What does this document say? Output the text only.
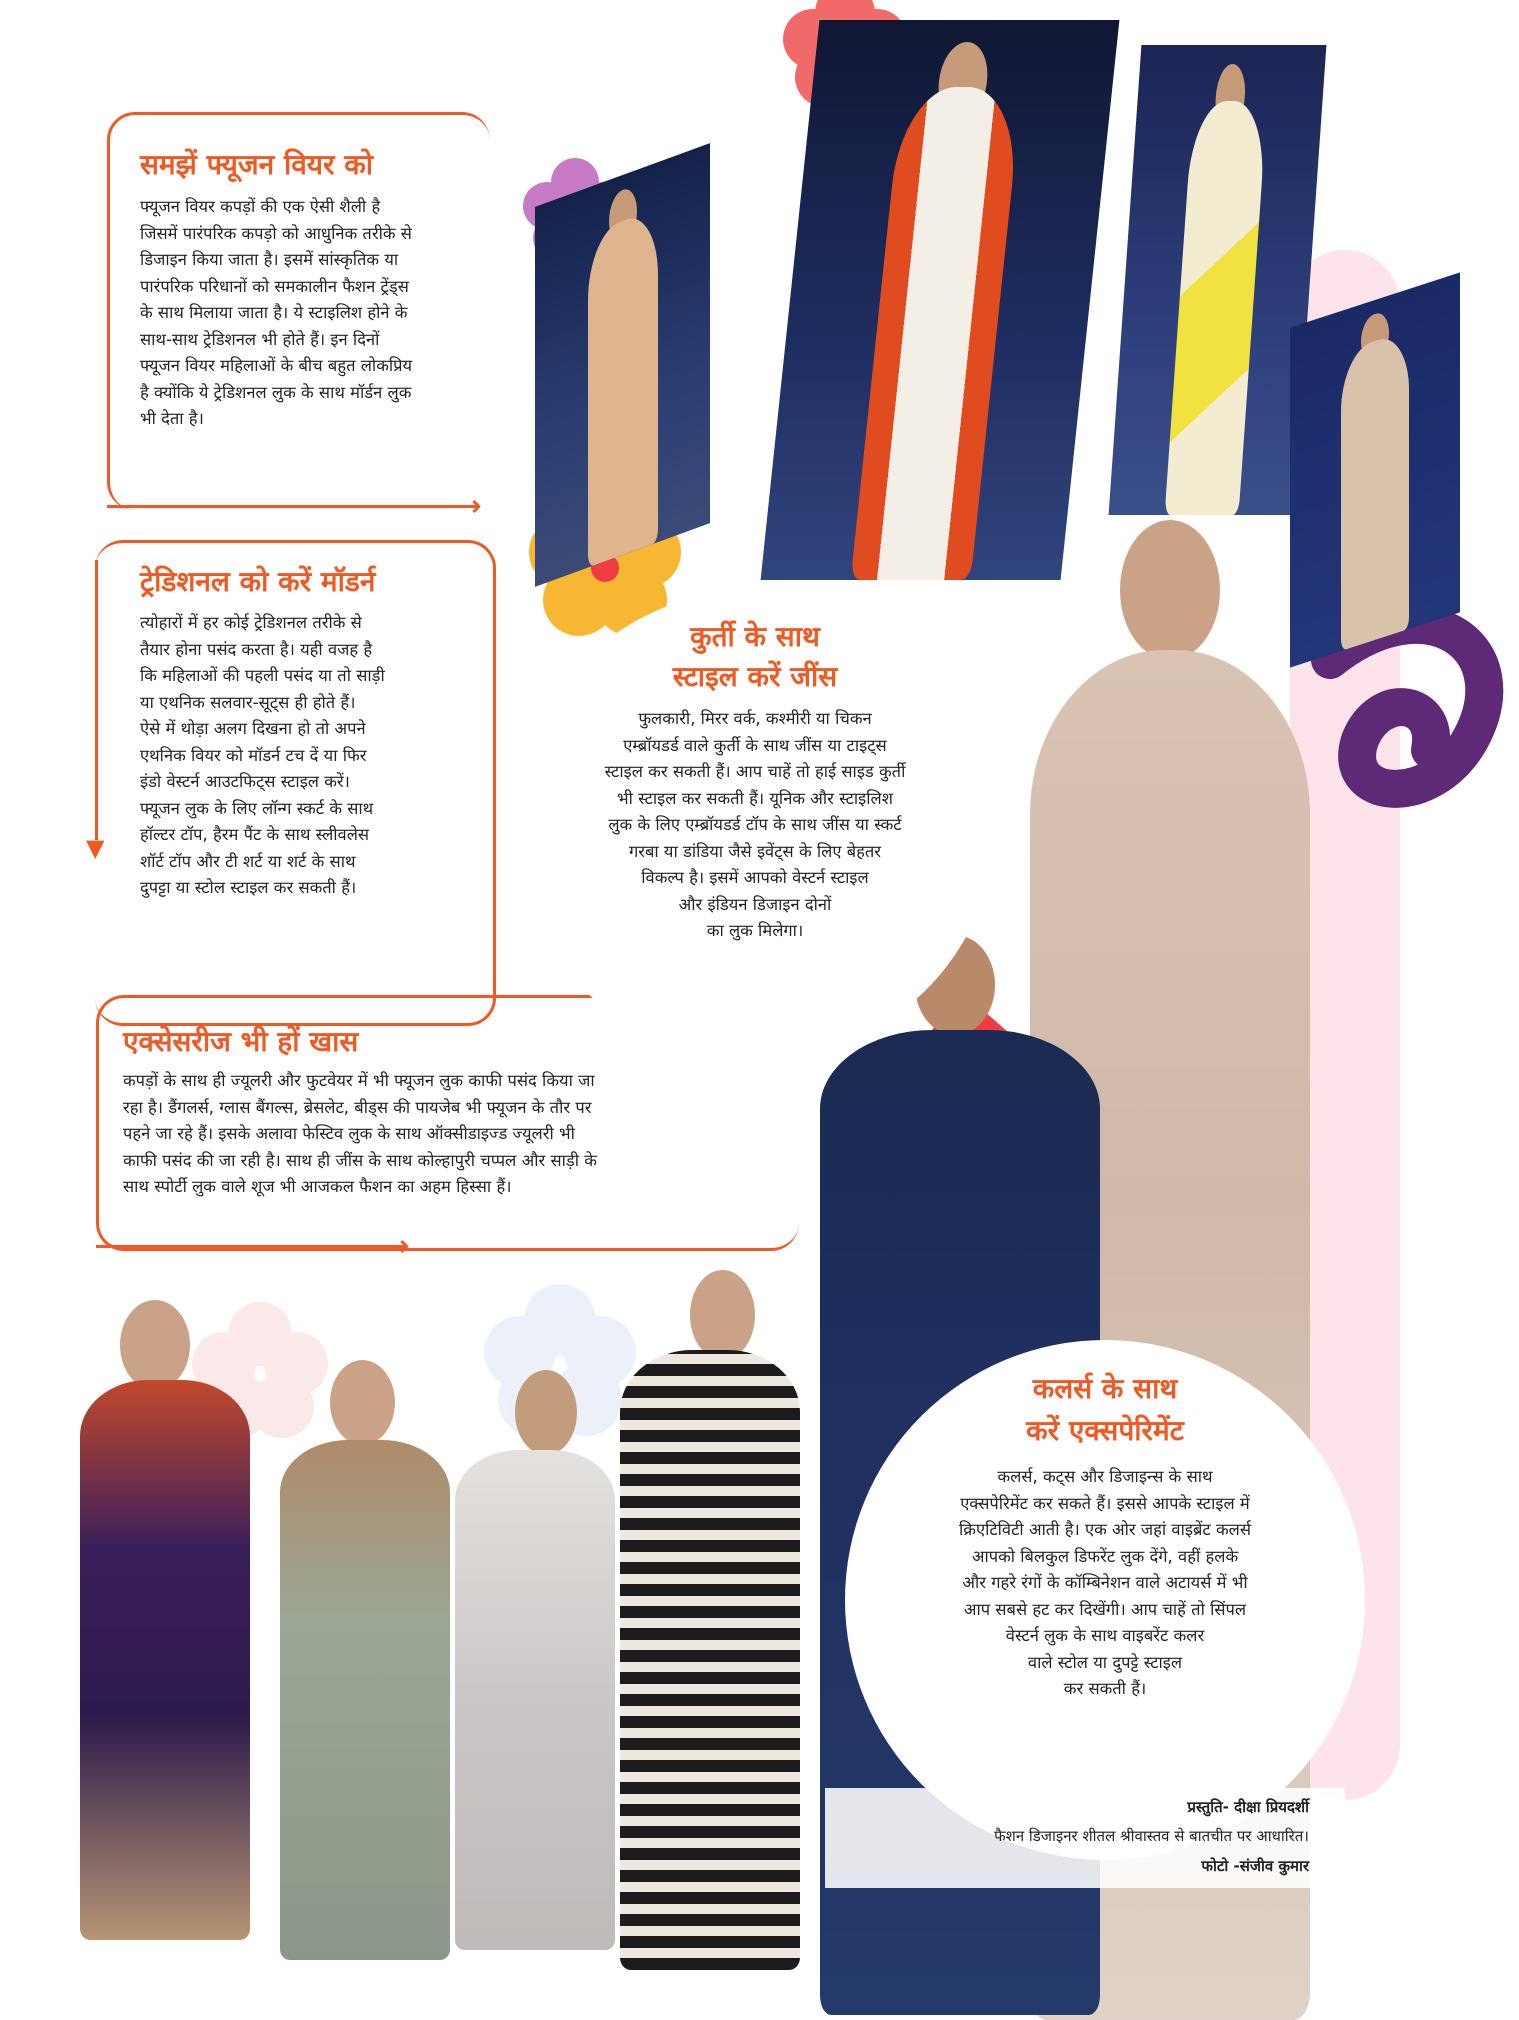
समझें फ्यूजन वियर को
फ्यूजन वियर कपड़ों की एक ऐसी शैली है
जिसमें पारंपरिक कपड़ो को आधुनिक तरीके से
डिजाइन किया जाता है। इसमें सांस्कृतिक या
पारंपरिक परिधानों को समकालीन फैशन ट्रेंड्स
के साथ मिलाया जाता है। ये स्टाइलिश होने के
साथ-साथ ट्रेडिशनल भी होते हैं। इन दिनों
फ्यूजन वियर महिलाओं के बीच बहुत लोकप्रिय
है क्योंकि ये ट्रेडिशनल लुक के साथ मॉर्डन लुक
भी देता है।
➜
▼
ट्रेडिशनल को करें मॉडर्न
त्योहारों में हर कोई ट्रेडिशनल तरीके से
तैयार होना पसंद करता है। यही वजह है
कि महिलाओं की पहली पसंद या तो साड़ी
या एथनिक सलवार-सूट्स ही होते हैं।
ऐसे में थोड़ा अलग दिखना हो तो अपने
एथनिक वियर को मॉडर्न टच दें या फिर
इंडो वेस्टर्न आउटफिट्स स्टाइल करें।
फ्यूजन लुक के लिए लॉन्ग स्कर्ट के साथ
हॉल्टर टॉप, हैरम पैंट के साथ स्लीवलेस
शॉर्ट टॉप और टी शर्ट या शर्ट के साथ
दुपट्टा या स्टोल स्टाइल कर सकती हैं।
➜
एक्सेसरीज भी हों खास
कपड़ों के साथ ही ज्यूलरी और फुटवेयर में भी फ्यूजन लुक काफी पसंद किया जा
रहा है। डैंगलर्स, ग्लास बैंगल्स, ब्रेसलेट, बीड्स की पायजेब भी फ्यूजन के तौर पर
पहने जा रहे हैं। इसके अलावा फेस्टिव लुक के साथ ऑक्सीडाइज्ड ज्यूलरी भी
काफी पसंद की जा रही है। साथ ही जींस के साथ कोल्हापुरी चप्पल और साड़ी के
साथ स्पोर्टी लुक वाले शूज भी आजकल फैशन का अहम हिस्सा हैं।
कुर्ती के साथ
स्टाइल करें जींस
फुलकारी, मिरर वर्क, कश्मीरी या चिकन
एम्ब्रॉयडर्ड वाले कुर्ती के साथ जींस या टाइट्स
स्टाइल कर सकती हैं। आप चाहें तो हाई साइड कुर्ती
भी स्टाइल कर सकती हैं। यूनिक और स्टाइलिश
लुक के लिए एम्ब्रॉयडर्ड टॉप के साथ जींस या स्कर्ट
गरबा या डांडिया जैसे इवेंट्स के लिए बेहतर
विकल्प है। इसमें आपको वेस्टर्न स्टाइल
और इंडियन डिजाइन दोनों
का लुक मिलेगा।
कलर्स के साथ
करें एक्सपेरिमेंट
कलर्स, कट्स और डिजाइन्स के साथ
एक्सपेरिमेंट कर सकते हैं। इससे आपके स्टाइल में
क्रिएटिविटी आती है। एक ओर जहां वाइब्रेंट कलर्स
आपको बिलकुल डिफरेंट लुक देंगे, वहीं हलके
और गहरे रंगों के कॉम्बिनेशन वाले अटायर्स में भी
आप सबसे हट कर दिखेंगी। आप चाहें तो सिंपल
वेस्टर्न लुक के साथ वाइबरेंट कलर
वाले स्टोल या दुपट्टे स्टाइल
कर सकती हैं।
प्रस्तुति- दीक्षा प्रियदर्शी
फैशन डिजाइनर शीतल श्रीवास्तव से बातचीत पर आधारित।
फोटो -संजीव कुमार
